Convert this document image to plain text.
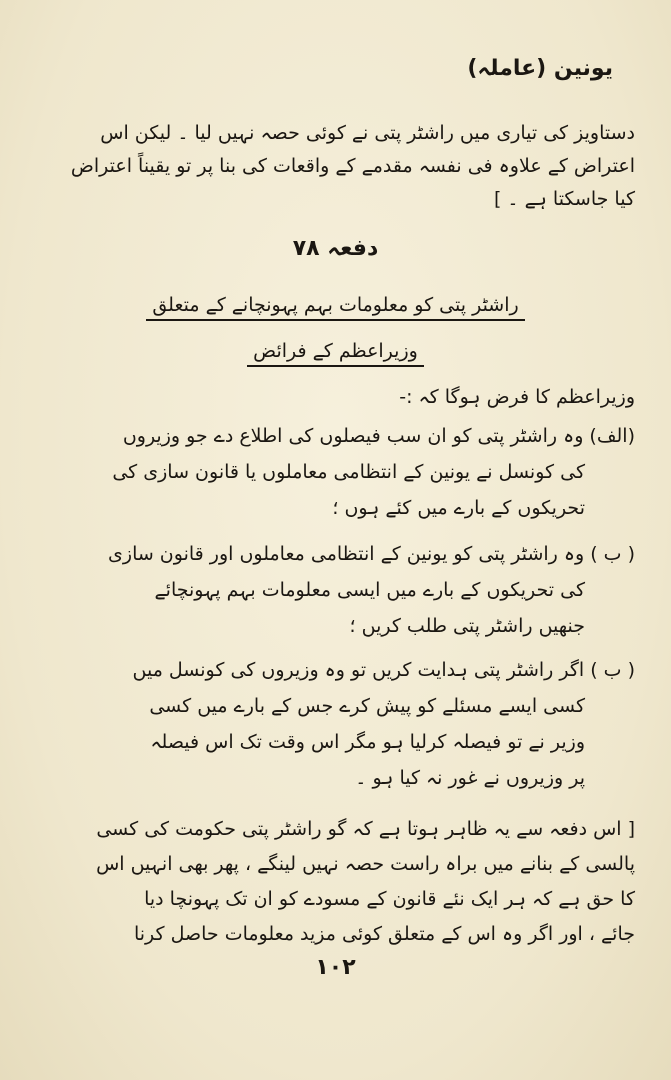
یونین (عاملہ)

دستاویز کی تیاری میں راشٹر پتی نے کوئی حصہ نہیں لیا ۔ لیکن اس

اعتراض کے علاوہ فی نفسہ مقدمے کے واقعات کی بنا پر تو یقیناً اعتراض

کیا جاسکتا ہے ۔ ]

دفعہ ۷۸

راشٹر پتی کو معلومات بہم پہونچانے کے متعلق

وزیراعظم کے فرائض

وزیراعظم کا فرض ہوگا کہ :-

(الف) وہ راشٹر پتی کو ان سب فیصلوں کی اطلاع دے جو وزیروں

کی کونسل نے یونین کے انتظامی معاملوں یا قانون سازی کی

تحریکوں کے بارے میں کئے ہوں ؛

( ب ) وہ راشٹر پتی کو یونین کے انتظامی معاملوں اور قانون سازی

کی تحریکوں کے بارے میں ایسی معلومات بہم پہونچائے

جنھیں راشٹر پتی طلب کریں ؛

( ب ) اگر راشٹر پتی ہدایت کریں تو وہ وزیروں کی کونسل میں

کسی ایسے مسئلے کو پیش کرے جس کے بارے میں کسی

وزیر نے تو فیصلہ کرلیا ہو مگر اس وقت تک اس فیصلہ

پر وزیروں نے غور نہ کیا ہو ۔

[ اس دفعہ سے یہ ظاہر ہوتا ہے کہ گو راشٹر پتی حکومت کی کسی

پالسی کے بنانے میں براہ راست حصہ نہیں لینگے ، پھر بھی انہیں اس

کا حق ہے کہ ہر ایک نئے قانون کے مسودے کو ان تک پہونچا دیا

جائے ، اور اگر وہ اس کے متعلق کوئی مزید معلومات حاصل کرنا

۱۰۲
